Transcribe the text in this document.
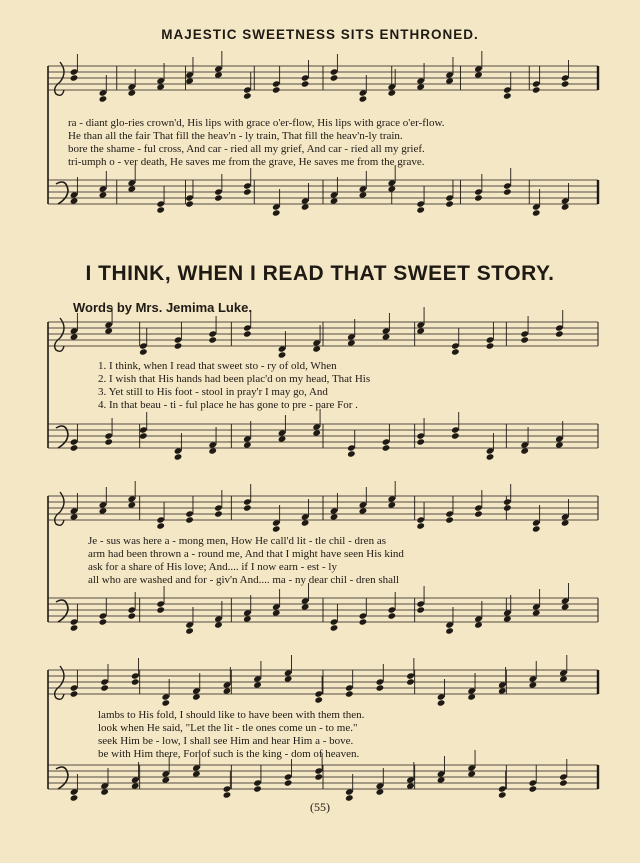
MAJESTIC SWEETNESS SITS ENTHRONED.
ra - diant glo-ries crown'd, His lips with grace o'er-flow, His lips with grace o'er-flow.
He than all the fair That fill the heav'n - ly train, That fill the heav'n-ly train.
bore the shame - ful cross, And car - ried all my grief, And car - ried all my grief.
tri-umph o - ver death, He saves me from the grave, He saves me from the grave.
I THINK, WHEN I READ THAT SWEET STORY.
Words by Mrs. Jemima Luke.
1. I think, when I read that sweet sto - ry of old, When
2. I wish that His hands had been plac'd on my head, That His
3. Yet still to His foot - stool in pray'r I may go, And
4. In that beau - ti - ful place he has gone to pre - pare For .
Je - sus was here a - mong men, How He call'd lit - tle chil - dren as
arm had been thrown a - round me, And that I might have seen His kind
ask for a share of His love; And.... if I now earn - est - ly
all who are washed and for - giv'n And.... ma - ny dear chil - dren shall
lambs to His fold, I should like to have been with them then.
look when He said, "Let the lit - tle ones come un - to me."
seek Him be - low, I shall see Him and hear Him a - bove.
be with Him there, For of such is the king - dom of heaven.
(55)
